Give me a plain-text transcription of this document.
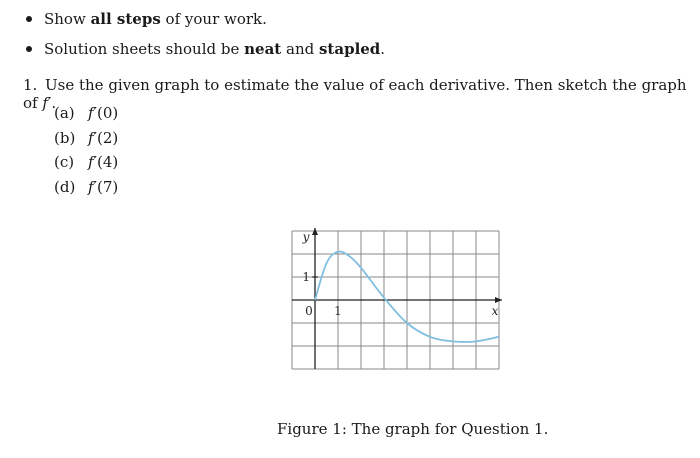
Show all steps of your work.
Solution sheets should be neat and stapled.
1. Use the given graph to estimate the value of each derivative. Then sketch the graph of f′.
(a) f′(0)
(b) f′(2)
(c) f′(4)
(d) f′(7)
y
x
0 1
1
Figure 1: The graph for Question 1.
